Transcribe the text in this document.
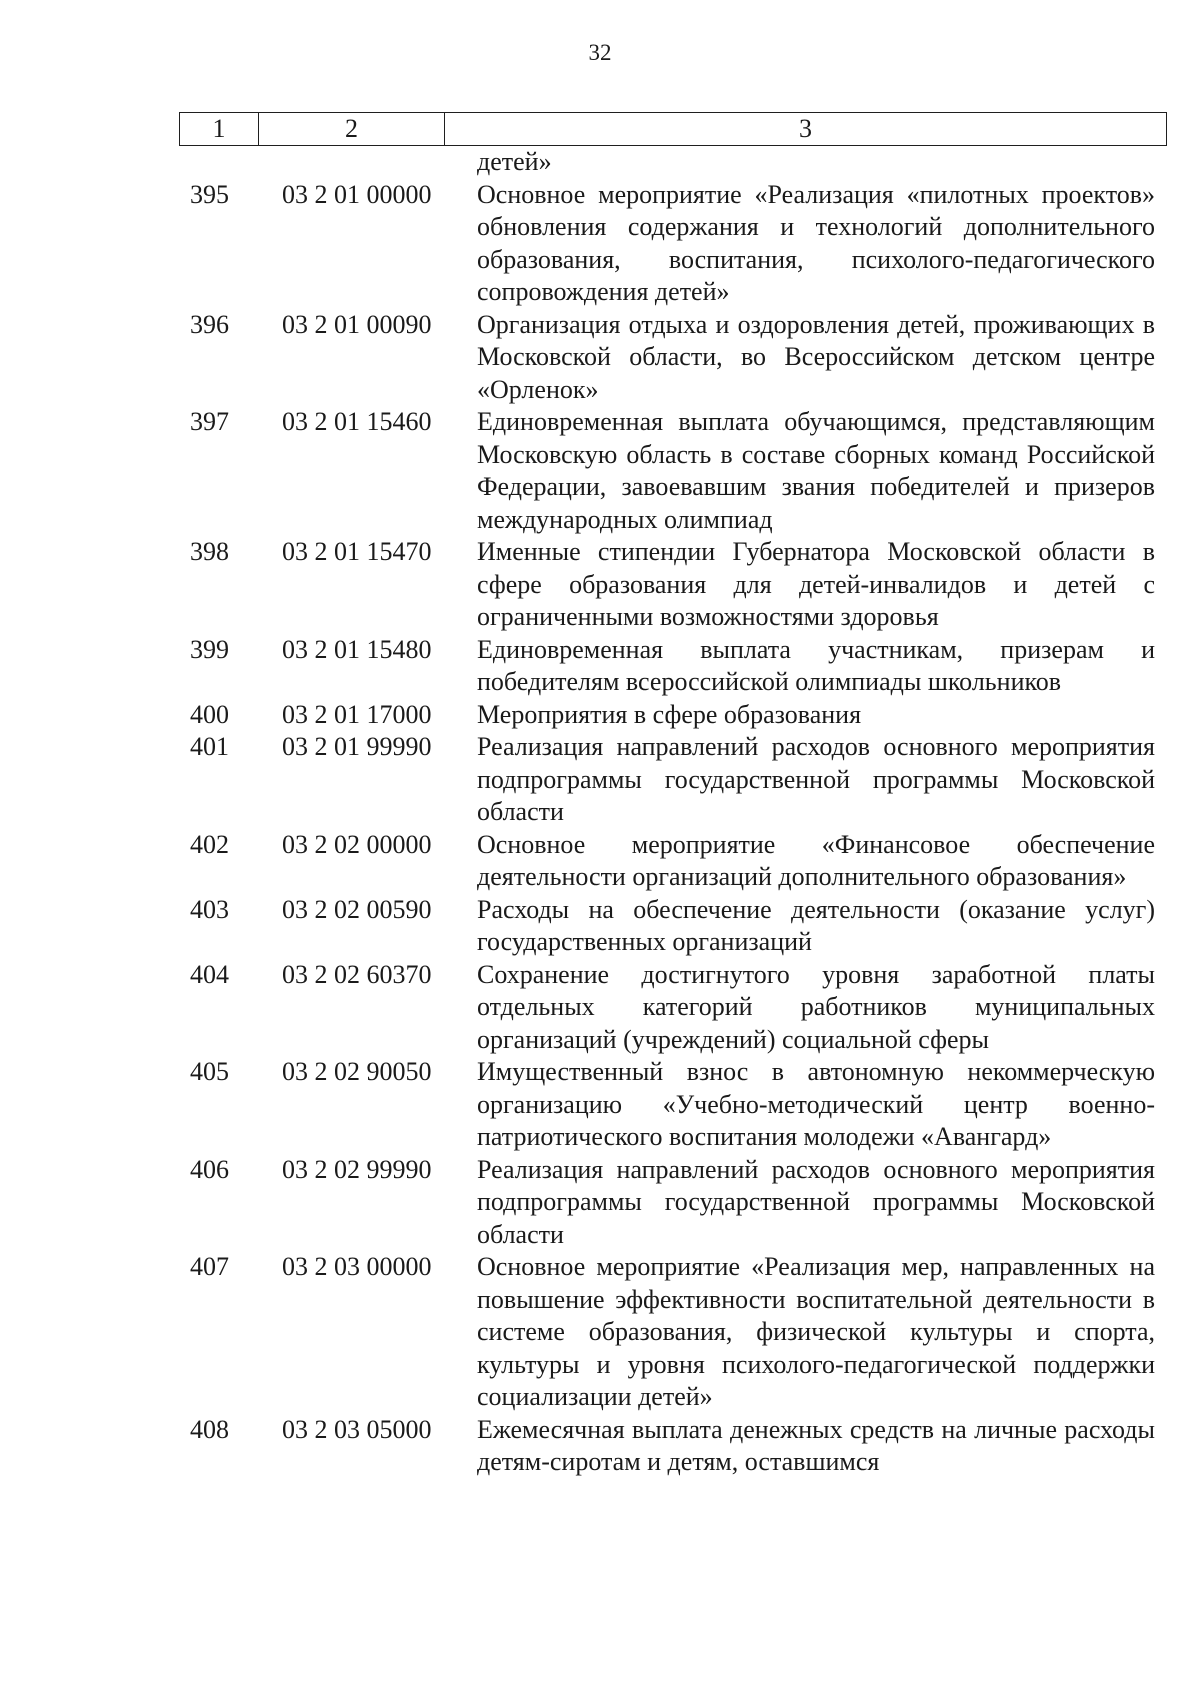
32
1	2	3
детей»
395	03 2 01 00000	Основное мероприятие «Реализация «пилотных проектов» обновления содержания и технологий дополнительного образования, воспитания, психолого-педагогического сопровождения детей»
396	03 2 01 00090	Организация отдыха и оздоровления детей, проживающих в Московской области, во Всероссийском детском центре «Орленок»
397	03 2 01 15460	Единовременная выплата обучающимся, представляющим Московскую область в составе сборных команд Российской Федерации, завоевавшим звания победителей и призеров международных олимпиад
398	03 2 01 15470	Именные стипендии Губернатора Московской области в сфере образования для детей-инвалидов и детей с ограниченными возможностями здоровья
399	03 2 01 15480	Единовременная выплата участникам, призерам и победителям всероссийской олимпиады школьников
400	03 2 01 17000	Мероприятия в сфере образования
401	03 2 01 99990	Реализация направлений расходов основного мероприятия подпрограммы государственной программы Московской области
402	03 2 02 00000	Основное мероприятие «Финансовое обеспечение деятельности организаций дополнительного образования»
403	03 2 02 00590	Расходы на обеспечение деятельности (оказание услуг) государственных организаций
404	03 2 02 60370	Сохранение достигнутого уровня заработной платы отдельных категорий работников муниципальных организаций (учреждений) социальной сферы
405	03 2 02 90050	Имущественный взнос в автономную некоммерческую организацию «Учебно-методический центр военно-патриотического воспитания молодежи «Авангард»
406	03 2 02 99990	Реализация направлений расходов основного мероприятия подпрограммы государственной программы Московской области
407	03 2 03 00000	Основное мероприятие «Реализация мер, направленных на повышение эффективности воспитательной деятельности в системе образования, физической культуры и спорта, культуры и уровня психолого-педагогической поддержки социализации детей»
408	03 2 03 05000	Ежемесячная выплата денежных средств на личные расходы детям-сиротам и детям, оставшимся
